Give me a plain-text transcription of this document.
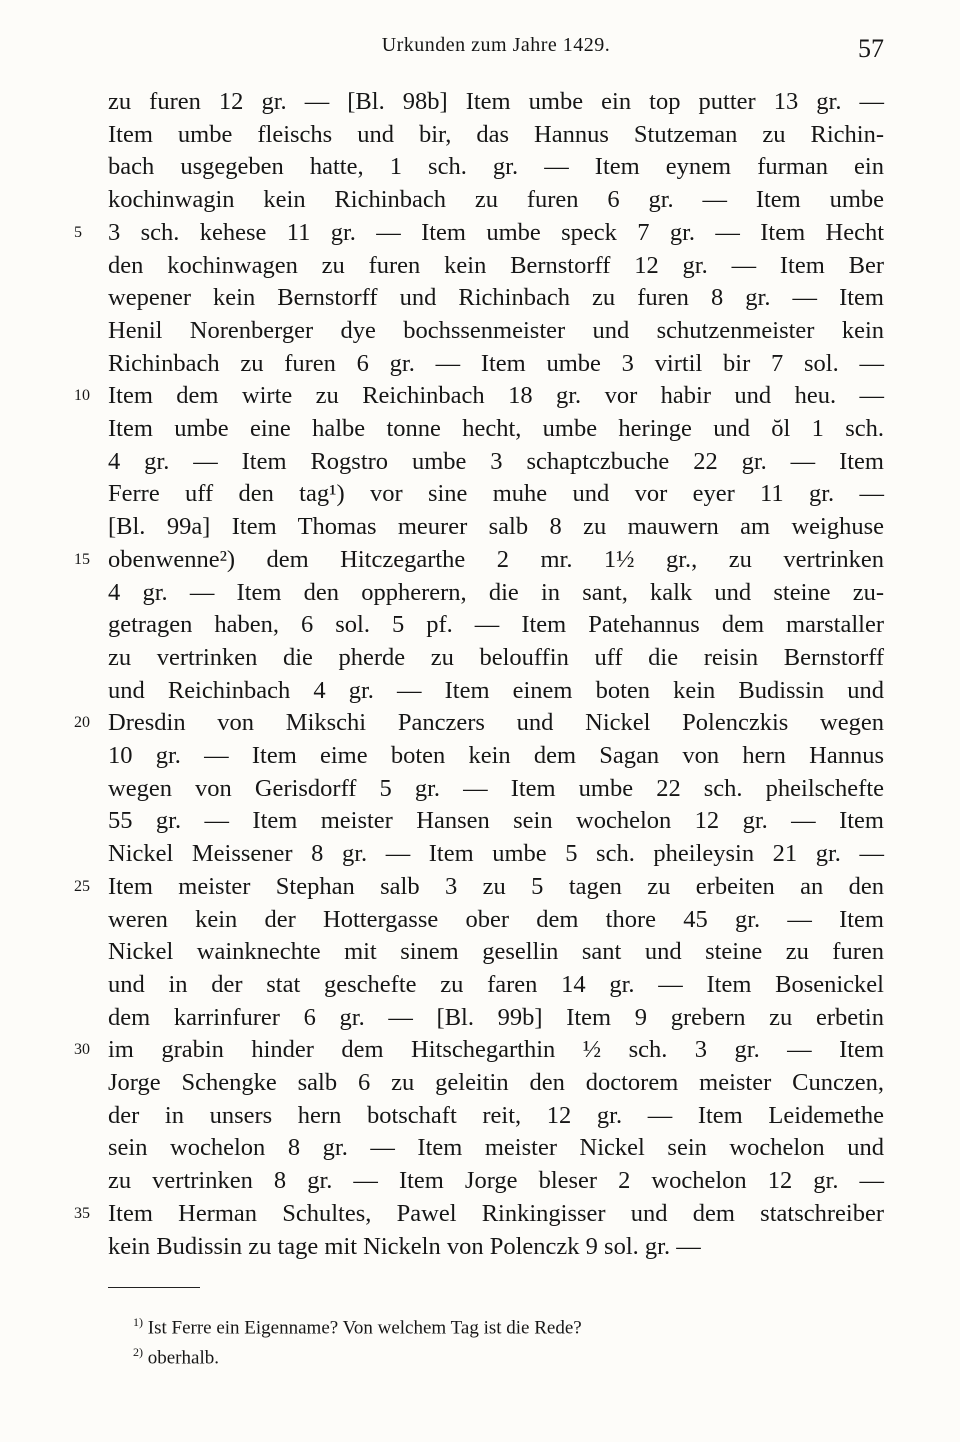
Urkunden zum Jahre 1429.	57
zu furen 12 gr. — [Bl. 98b] Item umbe ein top putter 13 gr. —
Item umbe fleischs und bir, das Hannus Stutzeman zu Richin-
bach usgegeben hatte, 1 sch. gr. — Item eynem furman ein
kochinwagin kein Richinbach zu furen 6 gr. — Item umbe
5	3 sch. kehese 11 gr. — Item umbe speck 7 gr. — Item Hecht
den kochinwagen zu furen kein Bernstorff 12 gr. — Item Ber
wepener kein Bernstorff und Richinbach zu furen 8 gr. — Item
Henil Norenberger dye bochssenmeister und schutzenmeister kein
Richinbach zu furen 6 gr. — Item umbe 3 virtil bir 7 sol. —
10 Item dem wirte zu Reichinbach 18 gr. vor habir und heu. —
Item umbe eine halbe tonne hecht, umbe heringe und ŏl 1 sch.
4 gr. — Item Rogstro umbe 3 schaptczbuche 22 gr. — Item
Ferre uff den tag¹) vor sine muhe und vor eyer 11 gr. —
[Bl. 99a] Item Thomas meurer salb 8 zu mauwern am weighuse
15 obenwenne²) dem Hitczegarthe 2 mr. 1½ gr., zu vertrinken
4 gr. — Item den oppherern, die in sant, kalk und steine zu-
getragen haben, 6 sol. 5 pf. — Item Patehannus dem marstaller
zu vertrinken die pherde zu belouffin uff die reisin Bernstorff
und Reichinbach 4 gr. — Item einem boten kein Budissin und
20 Dresdin von Mikschi Panczers und Nickel Polenczkis wegen
10 gr. — Item eime boten kein dem Sagan von hern Hannus
wegen von Gerisdorff 5 gr. — Item umbe 22 sch. pheilschefte
55 gr. — Item meister Hansen sein wochelon 12 gr. — Item
Nickel Meissener 8 gr. — Item umbe 5 sch. pheileysin 21 gr. —
25 Item meister Stephan salb 3 zu 5 tagen zu erbeiten an den
weren kein der Hottergasse ober dem thore 45 gr. — Item
Nickel wainknechte mit sinem gesellin sant und steine zu furen
und in der stat geschefte zu faren 14 gr. — Item Bosenickel
dem karrinfurer 6 gr. — [Bl. 99b] Item 9 grebern zu erbetin
30 im grabin hinder dem Hitschegarthin ½ sch. 3 gr. — Item
Jorge Schengke salb 6 zu geleitin den doctorem meister Cunczen,
der in unsers hern botschaft reit, 12 gr. — Item Leidemethe
sein wochelon 8 gr. — Item meister Nickel sein wochelon und
zu vertrinken 8 gr. — Item Jorge bleser 2 wochelon 12 gr. —
35 Item Herman Schultes, Pawel Rinkingisser und dem statschreiber
kein Budissin zu tage mit Nickeln von Polenczk 9 sol. gr. —
$^{1)}$ Ist Ferre ein Eigenname? Von welchem Tag ist die Rede?
$^{2)}$ oberhalb.
